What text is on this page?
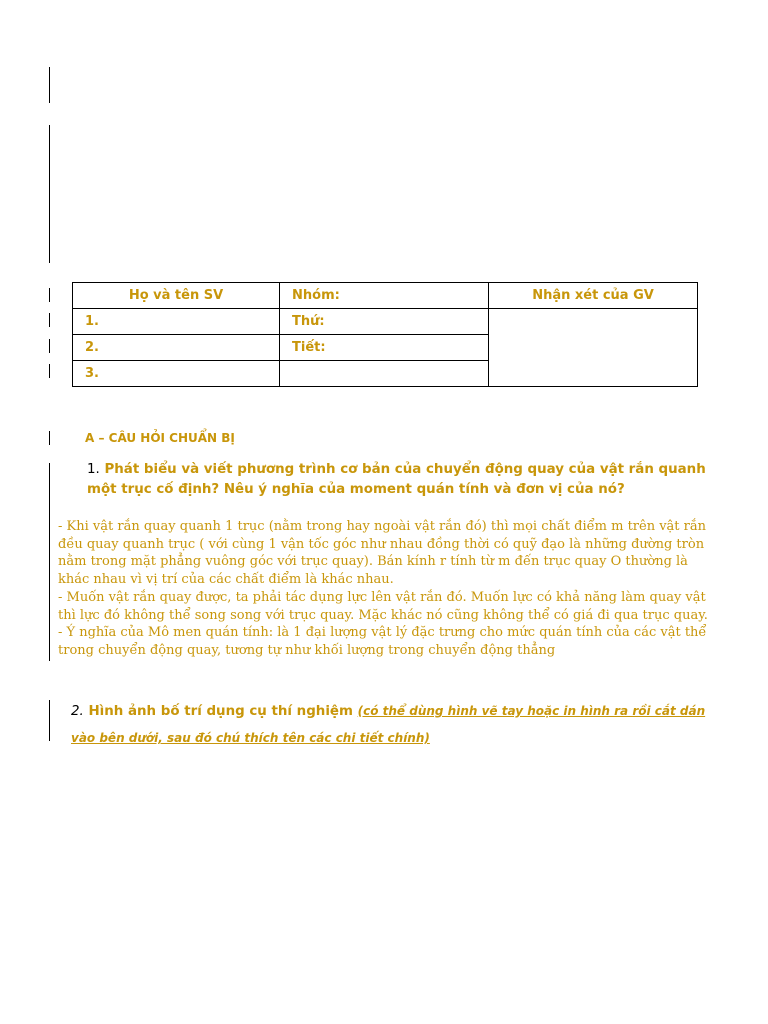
Họ và tên SV	Nhóm:	Nhận xét của GV
1.	Thứ:	
2.	Tiết:	
3.		
A – CÂU HỎI CHUẨN BỊ
1. Phát biểu và viết phương trình cơ bản của chuyển động quay của vật rắn quanh một trục cố định? Nêu ý nghĩa của moment quán tính và đơn vị của nó?

- Khi vật rắn quay quanh 1 trục (nằm trong hay ngoài vật rắn đó) thì mọi chất điểm m trên vật rắn đều quay quanh trục ( với cùng 1 vận tốc góc như nhau đồng thời có quỹ đạo là những đường tròn nằm trong mặt phẳng vuông góc với trục quay). Bán kính r tính từ m đến trục quay O thường là khác nhau vì vị trí của các chất điểm là khác nhau.

- Muốn vật rắn quay được, ta phải tác dụng lực lên vật rắn đó. Muốn lực có khả năng làm quay vật thì lực đó không thể song song với trục quay. Mặc khác nó cũng không thể có giá đi qua trục quay.

- Ý nghĩa của Mô men quán tính: là 1 đại lượng vật lý đặc trưng cho mức quán tính của các vật thể trong chuyển động quay, tương tự như khối lượng trong chuyển động thẳng

2. Hình ảnh bố trí dụng cụ thí nghiệm (có thể dùng hình vẽ tay hoặc in hình ra rồi cắt dán vào bên dưới, sau đó chú thích tên các chi tiết chính)
